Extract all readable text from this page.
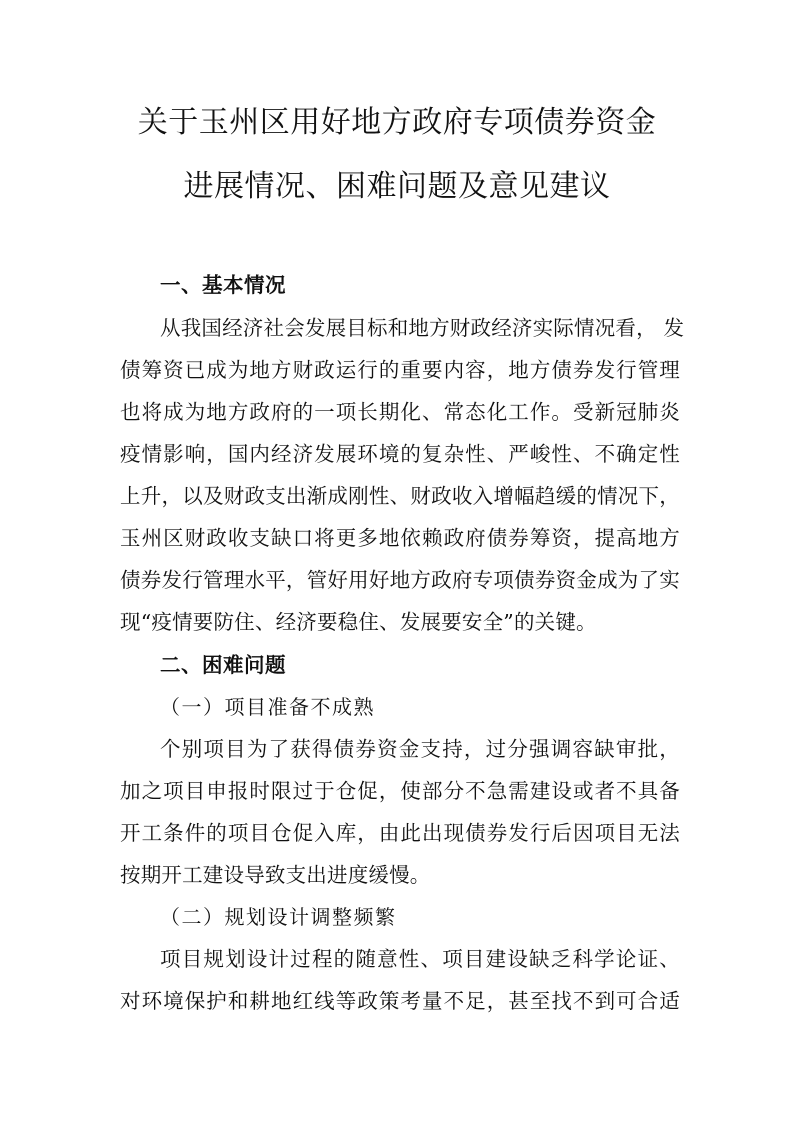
关于玉州区用好地方政府专项债券资金
进展情况、困难问题及意见建议
一、基本情况
从我国经济社会发展目标和地方财政经济实际情况看， 发
债筹资已成为地方财政运行的重要内容，地方债券发行管理
也将成为地方政府的一项长期化、常态化工作。受新冠肺炎
疫情影响，国内经济发展环境的复杂性、严峻性、不确定性
上升，以及财政支出渐成刚性、财政收入增幅趋缓的情况下，
玉州区财政收支缺口将更多地依赖政府债券筹资，提高地方
债券发行管理水平，管好用好地方政府专项债券资金成为了实
现“疫情要防住、经济要稳住、发展要安全”的关键。
二、困难问题
（一）项目准备不成熟
个别项目为了获得债券资金支持，过分强调容缺审批，
加之项目申报时限过于仓促，使部分不急需建设或者不具备
开工条件的项目仓促入库，由此出现债券发行后因项目无法
按期开工建设导致支出进度缓慢。
（二）规划设计调整频繁
项目规划设计过程的随意性、项目建设缺乏科学论证、
对环境保护和耕地红线等政策考量不足，甚至找不到可合适
